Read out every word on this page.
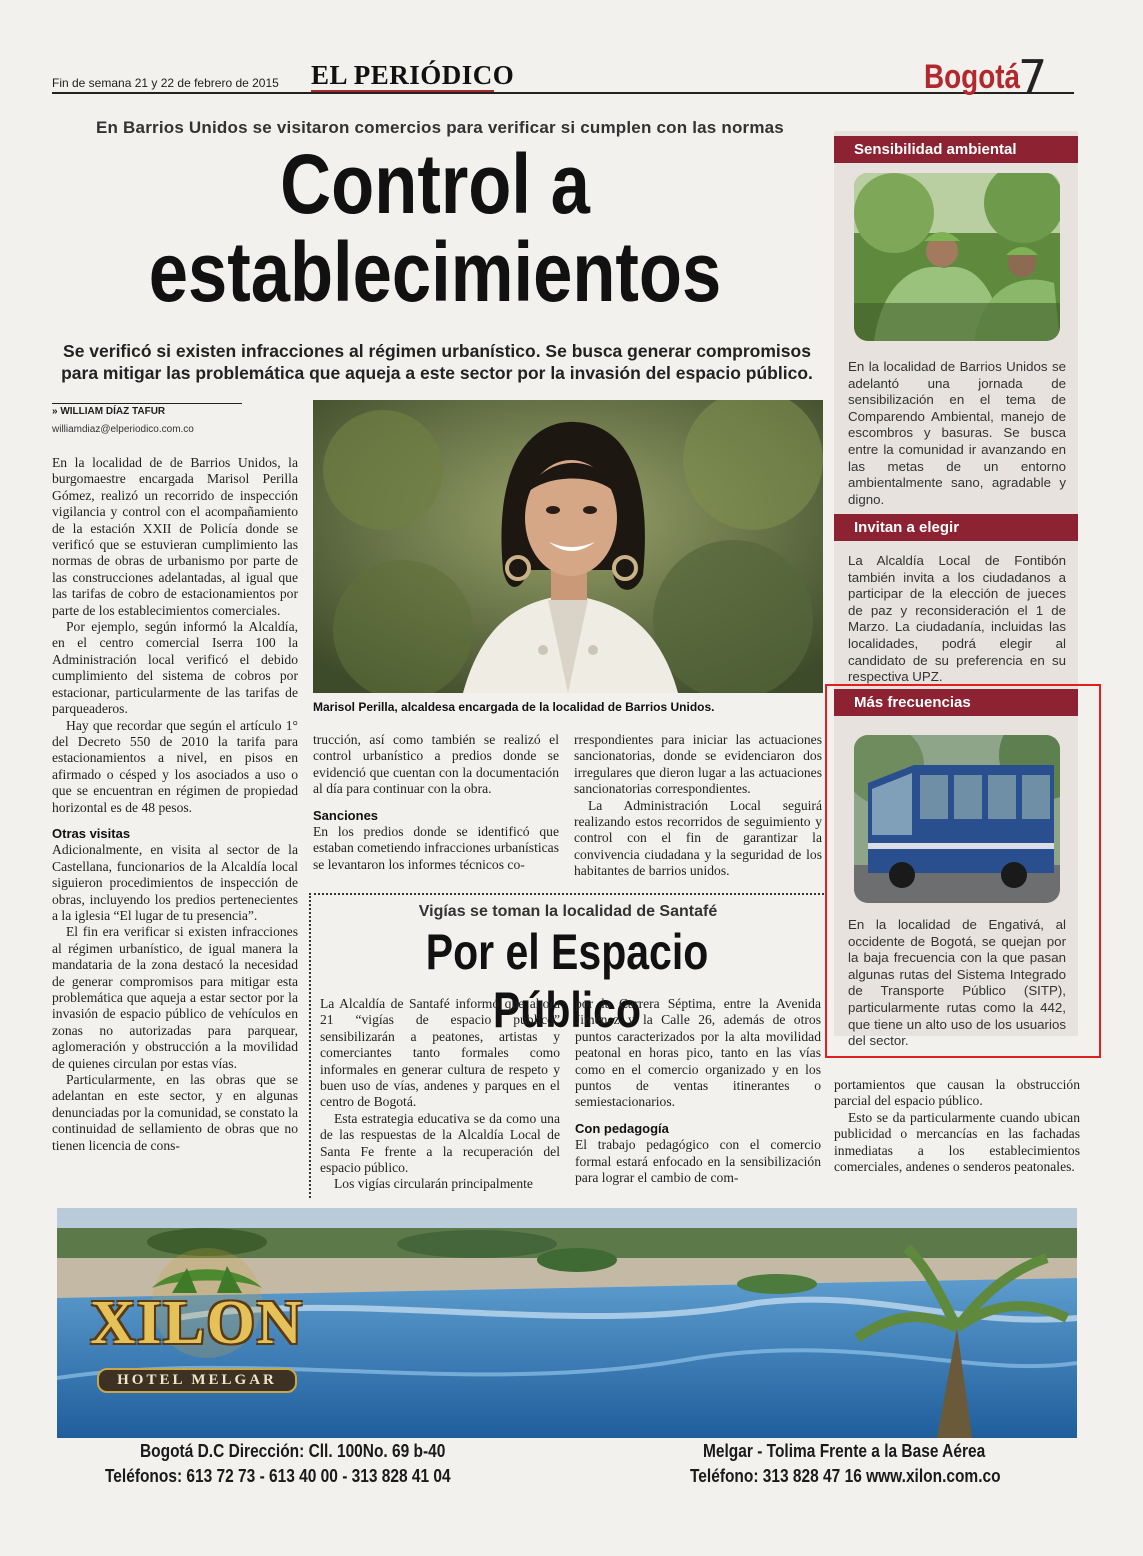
Fin de semana 21 y 22 de febrero de 2015 EL PERIÓDICO	Bogotá
7
En Barrios Unidos se visitaron comercios para verificar si cumplen con las normas
Control a
establecimientos
Se verificó si existen infracciones al régimen urbanístico. Se busca generar compromisos para mitigar las problemática que aqueja a este sector por la invasión del espacio público.
» WILLIAM DÍAZ TAFUR
williamdiaz@elperiodico.com.co

En la localidad de de Barrios Unidos, la burgomaestre encargada Marisol Perilla Gómez, realizó un recorrido de inspección vigilancia y control con el acompañamiento de la estación XXII de Policía donde se verificó que se estuvieran cumplimiento las normas de obras de urbanismo por parte de las construcciones adelantadas, al igual que las tarifas de cobro de estacionamientos por parte de los establecimientos comerciales.

Por ejemplo, según informó la Alcaldía, en el centro comercial Iserra 100 la Administración local verificó el debido cumplimiento del sistema de cobros por estacionar, particularmente de las tarifas de parqueaderos.

Hay que recordar que según el artículo 1° del Decreto 550 de 2010 la tarifa para estacionamientos a nivel, en pisos en afirmado o césped y los asociados a uso o que se encuentran en régimen de propiedad horizontal es de 48 pesos.

Otras visitas

Adicionalmente, en visita al sector de la Castellana, funcionarios de la Alcaldía local siguieron procedimientos de inspección de obras, incluyendo los predios pertenecientes a la iglesia “El lugar de tu presencia”.

El fin era verificar si existen infracciones al régimen urbanístico, de igual manera la mandataria de la zona destacó la necesidad de generar compromisos para mitigar esta problemática que aqueja a estar sector por la invasión de espacio público de vehículos en zonas no autorizadas para parquear, aglomeración y obstrucción a la movilidad de quienes circulan por estas vías.

Particularmente, en las obras que se adelantan en este sector, y en algunas denunciadas por la comunidad, se constato la continuidad de sellamiento de obras que no tienen licencia de cons-

Marisol Perilla, alcaldesa encargada de la localidad de Barrios Unidos.

trucción, así como también se realizó el control urbanístico a predios donde se evidenció que cuentan con la documentación al día para continuar con la obra.

Sanciones

En los predios donde se identificó que estaban cometiendo infracciones urbanísticas se levantaron los informes técnicos co-

rrespondientes para iniciar las actuaciones sancionatorias, donde se evidenciaron dos irregulares que dieron lugar a las actuaciones sancionatorias correspondientes.

La Administración Local seguirá realizando estos recorridos de seguimiento y control con el fin de garantizar la convivencia ciudadana y la seguridad de los habitantes de barrios unidos.

Vigías se toman la localidad de Santafé
Por el Espacio Público

La Alcaldía de Santafé informó que ahora 21 “vigías de espacio público” sensibilizarán a peatones, artistas y comerciantes tanto formales como informales en generar cultura de respeto y buen uso de vías, andenes y parques en el centro de Bogotá.

Esta estrategia educativa se da como una de las respuestas de la Alcaldía Local de Santa Fe frente a la recuperación del espacio público.

Los vigías circularán principalmente

por la Carrera Séptima, entre la Avenida Jiménez y la Calle 26, además de otros puntos caracterizados por la alta movilidad peatonal en horas pico, tanto en las vías como en el comercio organizado y en los puntos de ventas itinerantes o semiestacionarios.

Con pedagogía

El trabajo pedagógico con el comercio formal estará enfocado en la sensibilización para lograr el cambio de com-

portamientos que causan la obstrucción parcial del espacio público.

Esto se da particularmente cuando ubican publicidad o mercancías en las fachadas inmediatas a los establecimientos comerciales, andenes o senderos peatonales.

Sensibilidad ambiental
En la localidad de Barrios Unidos se adelantó una jornada de sensibilización en el tema de Comparendo Ambiental, manejo de escombros y basuras. Se busca entre la comunidad ir avanzando en las metas de un entorno ambientalmente sano, agradable y digno.
Invitan a elegir
La Alcaldía Local de Fontibón también invita a los ciudadanos a participar de la elección de jueces de paz y reconsideración el 1 de Marzo. La ciudadanía, incluidas las localidades, podrá elegir al candidato de su preferencia en su respectiva UPZ.
Más frecuencias
En la localidad de Engativá, al occidente de Bogotá, se quejan por la baja frecuencia con la que pasan algunas rutas del Sistema Integrado de Transporte Público (SITP), particularmente rutas como la 442, que tiene un alto uso de los usuarios del sector.
XILON
HOTEL MELGAR
Bogotá D.C Dirección: Cll. 100No. 69 b-40
Teléfonos: 613 72 73 - 613 40 00 - 313 828 41 04
Melgar - Tolima Frente a la Base Aérea
Teléfono: 313 828 47 16 www.xilon.com.co
